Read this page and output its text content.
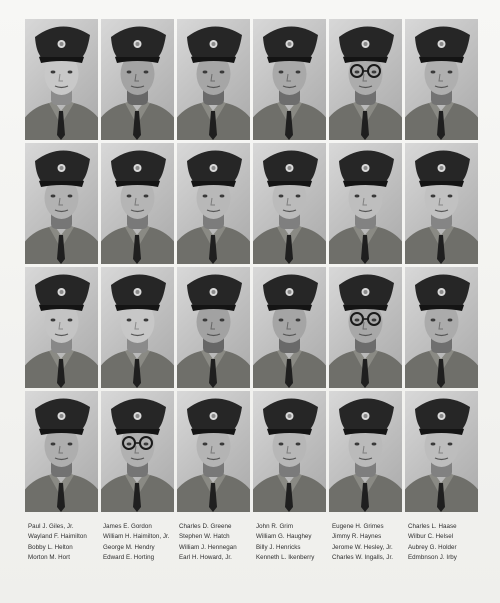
Paul J. Giles, Jr.
Wayland F. Haimilton
Bobby L. Helton
Morton M. Hort
James E. Gordon
William H. Haimilton, Jr.
George M. Hendry
Edward E. Horting
Charles D. Greene
Stephen W. Hatch
William J. Hennegan
Earl H. Howard, Jr.
John R. Grim
William G. Haughey
Billy J. Henricks
Kenneth L. Ikenberry
Eugene H. Grimes
Jimmy R. Haynes
Jerome W. Hesley, Jr.
Charles W. Ingalls, Jr.
Charles L. Haase
Wilbur C. Helsel
Aubrey G. Holder
Edmbnson J. Irby
